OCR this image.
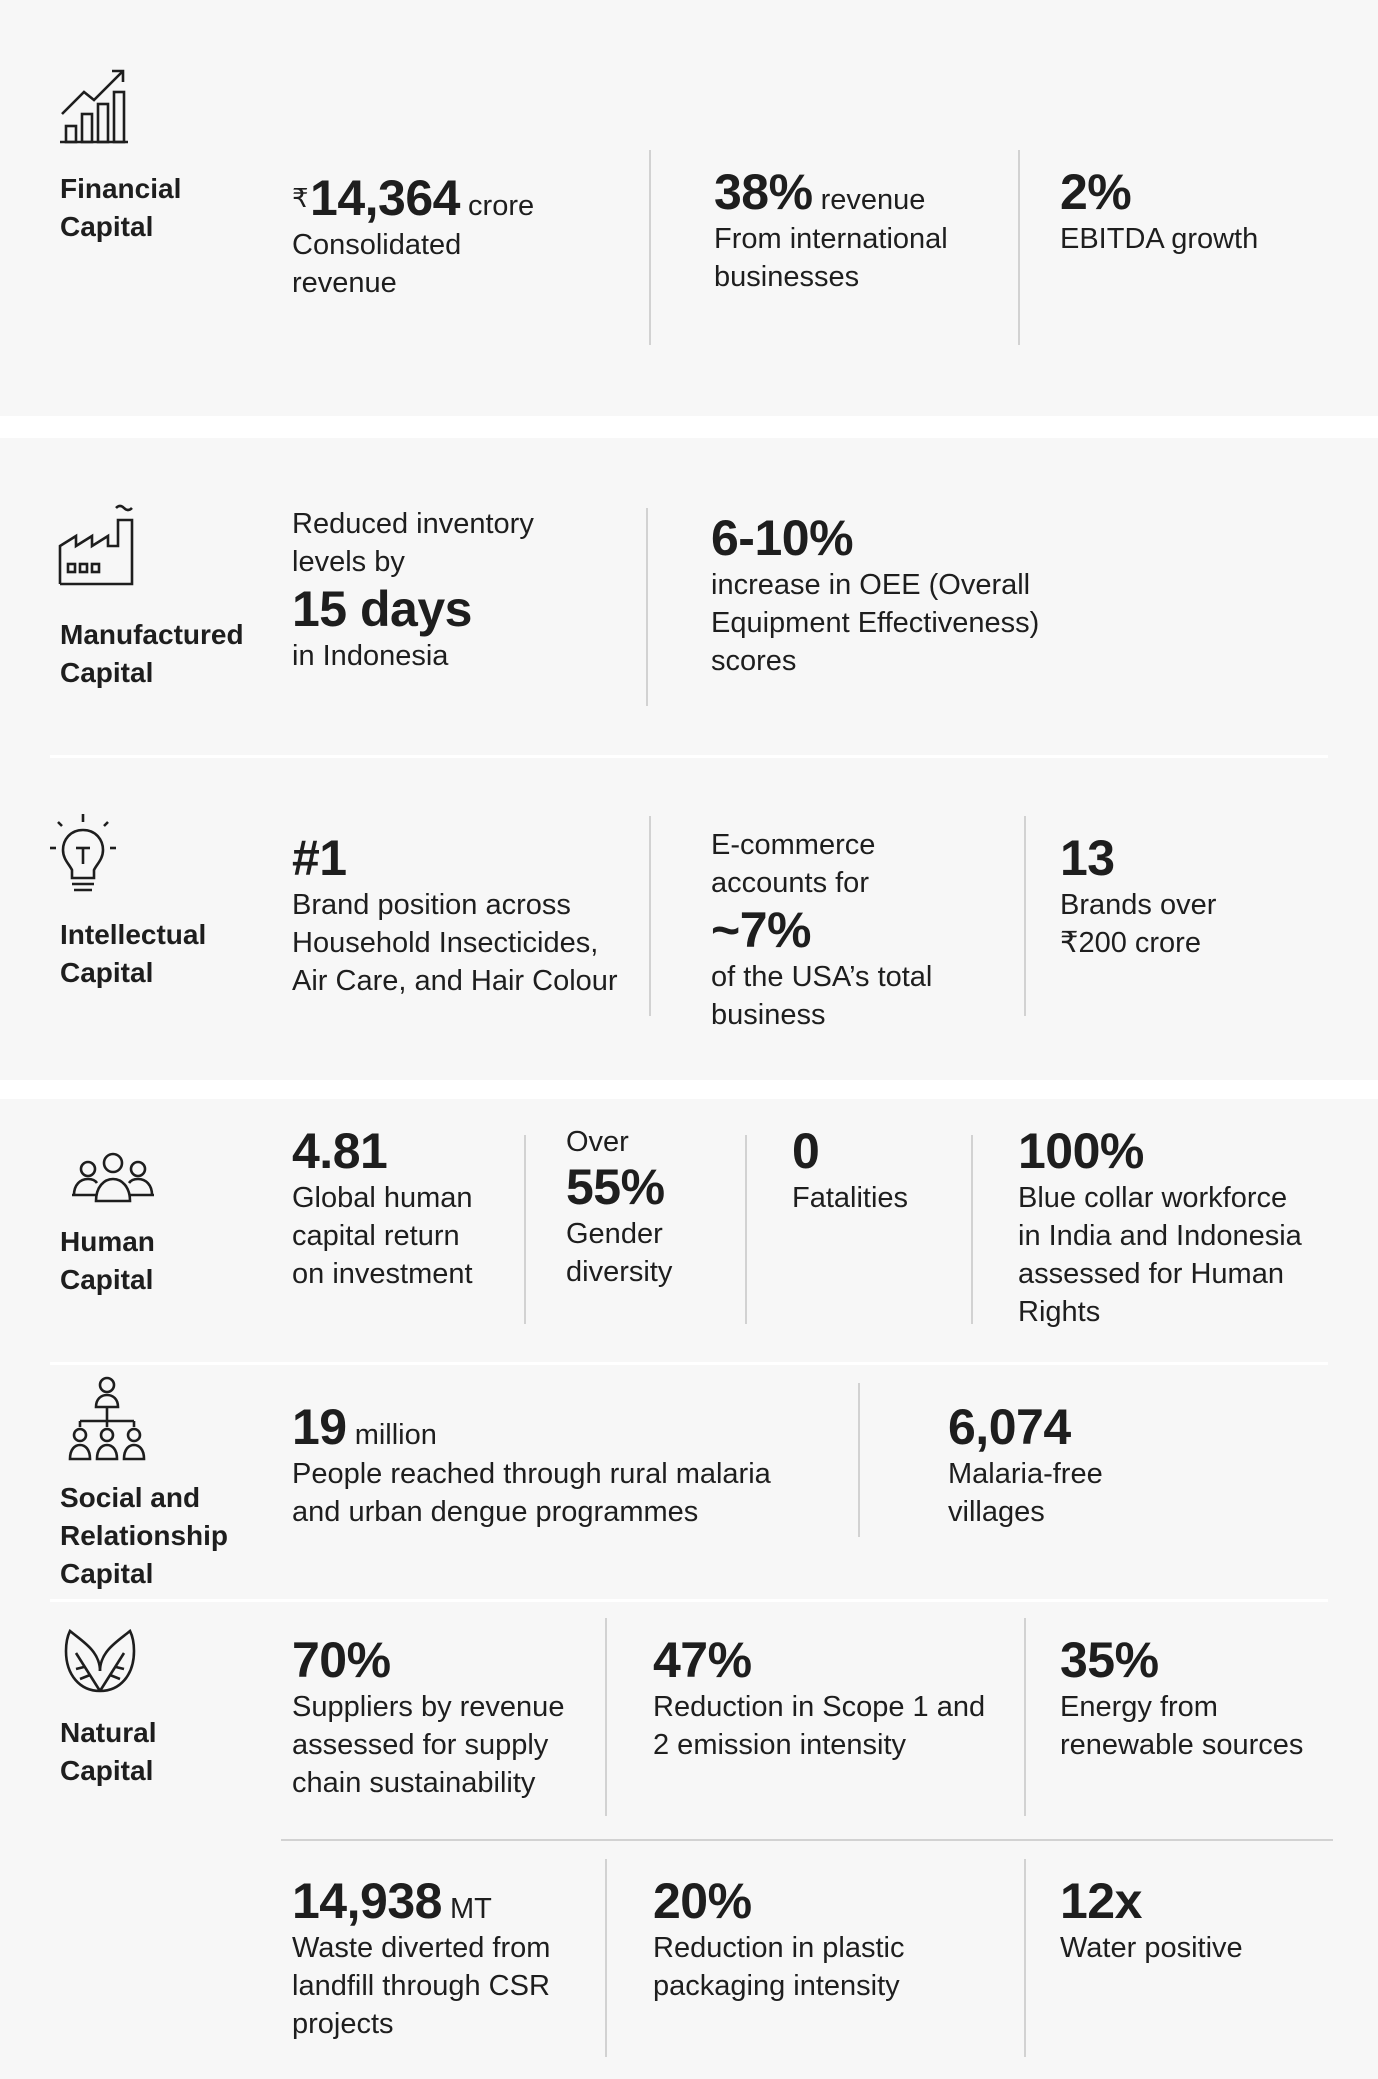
Financial
Capital
₹14,364 crore
Consolidated
revenue
38% revenue
From international
businesses
2%
EBITDA growth
Manufactured
Capital
Reduced inventory
levels by
15 days
in Indonesia
6-10%
increase in OEE (Overall
Equipment Effectiveness)
scores
Intellectual
Capital
#1
Brand position across
Household Insecticides,
Air Care, and Hair Colour
E-commerce
accounts for
~7%
of the USA’s total
business
13
Brands over
₹200 crore
Human
Capital
4.81
Global human
capital return
on investment
Over
55%
Gender
diversity
0
Fatalities
100%
Blue collar workforce
in India and Indonesia
assessed for Human
Rights
Social and
Relationship
Capital
19 million
People reached through rural malaria
and urban dengue programmes
6,074
Malaria-free
villages
Natural
Capital
70%
Suppliers by revenue
assessed for supply
chain sustainability
47%
Reduction in Scope 1 and
2 emission intensity
35%
Energy from
renewable sources
14,938 MT
Waste diverted from
landfill through CSR
projects
20%
Reduction in plastic
packaging intensity
12x
Water positive
